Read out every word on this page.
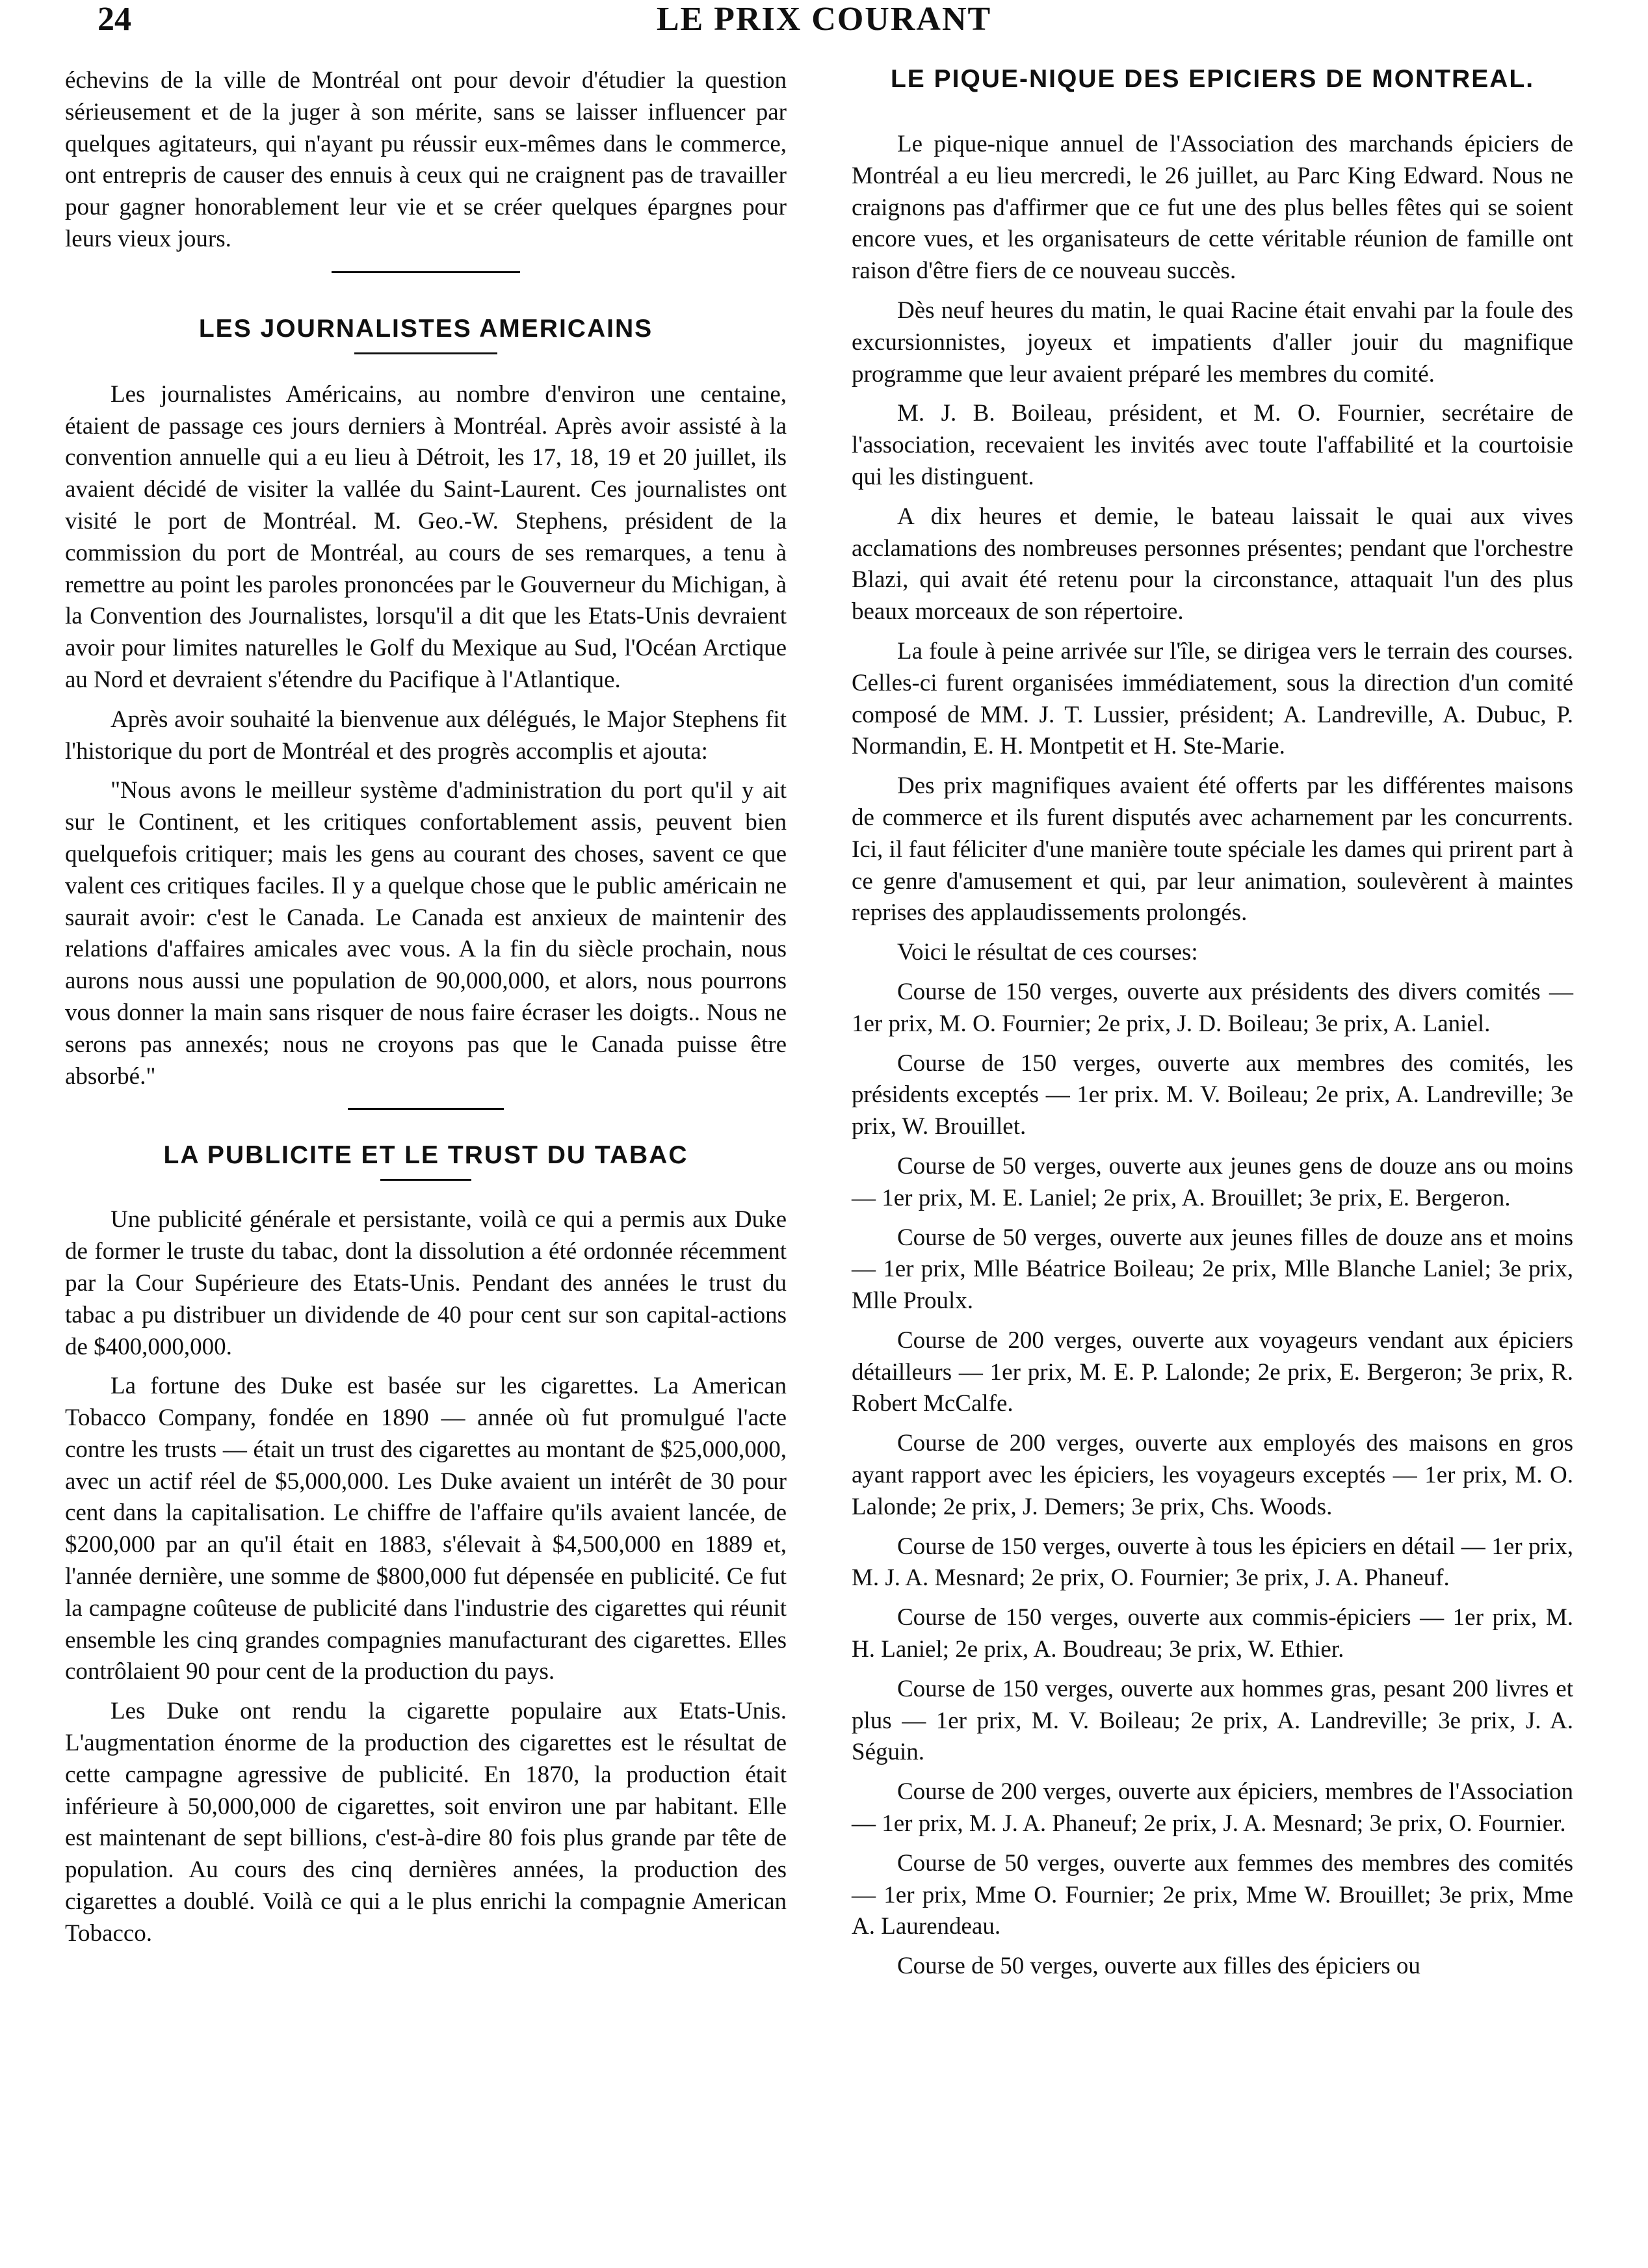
24	LE PRIX COURANT

échevins de la ville de Montréal ont pour devoir d'étudier la question sérieusement et de la juger à son mérite, sans se laisser influencer par quelques agitateurs, qui n'ayant pu réussir eux-mêmes dans le commerce, ont entrepris de causer des ennuis à ceux qui ne craignent pas de travailler pour gagner honorablement leur vie et se créer quelques épargnes pour leurs vieux jours.

LES JOURNALISTES AMERICAINS

Les journalistes Américains, au nombre d'environ une centaine, étaient de passage ces jours derniers à Montréal. Après avoir assisté à la convention annuelle qui a eu lieu à Détroit, les 17, 18, 19 et 20 juillet, ils avaient décidé de visiter la vallée du Saint-Laurent. Ces journalistes ont visité le port de Montréal. M. Geo.-W. Stephens, président de la commission du port de Montréal, au cours de ses remarques, a tenu à remettre au point les paroles prononcées par le Gouverneur du Michigan, à la Convention des Journalistes, lorsqu'il a dit que les Etats-Unis devraient avoir pour limites naturelles le Golf du Mexique au Sud, l'Océan Arctique au Nord et devraient s'étendre du Pacifique à l'Atlantique.

Après avoir souhaité la bienvenue aux délégués, le Major Stephens fit l'historique du port de Montréal et des progrès accomplis et ajouta:

"Nous avons le meilleur système d'administration du port qu'il y ait sur le Continent, et les critiques confortablement assis, peuvent bien quelquefois critiquer; mais les gens au courant des choses, savent ce que valent ces critiques faciles. Il y a quelque chose que le public américain ne saurait avoir: c'est le Canada. Le Canada est anxieux de maintenir des relations d'affaires amicales avec vous. A la fin du siècle prochain, nous aurons nous aussi une population de 90,000,000, et alors, nous pourrons vous donner la main sans risquer de nous faire écraser les doigts.. Nous ne serons pas annexés; nous ne croyons pas que le Canada puisse être absorbé."

LA PUBLICITE ET LE TRUST DU TABAC

Une publicité générale et persistante, voilà ce qui a permis aux Duke de former le truste du tabac, dont la dissolution a été ordonnée récemment par la Cour Supérieure des Etats-Unis. Pendant des années le trust du tabac a pu distribuer un dividende de 40 pour cent sur son capital-actions de $400,000,000.

La fortune des Duke est basée sur les cigarettes. La American Tobacco Company, fondée en 1890 — année où fut promulgué l'acte contre les trusts — était un trust des cigarettes au montant de $25,000,000, avec un actif réel de $5,000,000. Les Duke avaient un intérêt de 30 pour cent dans la capitalisation. Le chiffre de l'affaire qu'ils avaient lancée, de $200,000 par an qu'il était en 1883, s'élevait à $4,500,000 en 1889 et, l'année dernière, une somme de $800,000 fut dépensée en publicité. Ce fut la campagne coûteuse de publicité dans l'industrie des cigarettes qui réunit ensemble les cinq grandes compagnies manufacturant des cigarettes. Elles contrôlaient 90 pour cent de la production du pays.

Les Duke ont rendu la cigarette populaire aux Etats-Unis. L'augmentation énorme de la production des cigarettes est le résultat de cette campagne agressive de publicité. En 1870, la production était inférieure à 50,000,000 de cigarettes, soit environ une par habitant. Elle est maintenant de sept billions, c'est-à-dire 80 fois plus grande par tête de population. Au cours des cinq dernières années, la production des cigarettes a doublé. Voilà ce qui a le plus enrichi la compagnie American Tobacco.

LE PIQUE-NIQUE DES EPICIERS DE MONTREAL.

Le pique-nique annuel de l'Association des marchands épiciers de Montréal a eu lieu mercredi, le 26 juillet, au Parc King Edward. Nous ne craignons pas d'affirmer que ce fut une des plus belles fêtes qui se soient encore vues, et les organisateurs de cette véritable réunion de famille ont raison d'être fiers de ce nouveau succès.

Dès neuf heures du matin, le quai Racine était envahi par la foule des excursionnistes, joyeux et impatients d'aller jouir du magnifique programme que leur avaient préparé les membres du comité.

M. J. B. Boileau, président, et M. O. Fournier, secrétaire de l'association, recevaient les invités avec toute l'affabilité et la courtoisie qui les distinguent.

A dix heures et demie, le bateau laissait le quai aux vives acclamations des nombreuses personnes présentes; pendant que l'orchestre Blazi, qui avait été retenu pour la circonstance, attaquait l'un des plus beaux morceaux de son répertoire.

La foule à peine arrivée sur l'île, se dirigea vers le terrain des courses. Celles-ci furent organisées immédiatement, sous la direction d'un comité composé de MM. J. T. Lussier, président; A. Landreville, A. Dubuc, P. Normandin, E. H. Montpetit et H. Ste-Marie.

Des prix magnifiques avaient été offerts par les différentes maisons de commerce et ils furent disputés avec acharnement par les concurrents. Ici, il faut féliciter d'une manière toute spéciale les dames qui prirent part à ce genre d'amusement et qui, par leur animation, soulevèrent à maintes reprises des applaudissements prolongés.

Voici le résultat de ces courses:

Course de 150 verges, ouverte aux présidents des divers comités — 1er prix, M. O. Fournier; 2e prix, J. D. Boileau; 3e prix, A. Laniel.

Course de 150 verges, ouverte aux membres des comités, les présidents exceptés — 1er prix. M. V. Boileau; 2e prix, A. Landreville; 3e prix, W. Brouillet.

Course de 50 verges, ouverte aux jeunes gens de douze ans ou moins — 1er prix, M. E. Laniel; 2e prix, A. Brouillet; 3e prix, E. Bergeron.

Course de 50 verges, ouverte aux jeunes filles de douze ans et moins — 1er prix, Mlle Béatrice Boileau; 2e prix, Mlle Blanche Laniel; 3e prix, Mlle Proulx.

Course de 200 verges, ouverte aux voyageurs vendant aux épiciers détailleurs — 1er prix, M. E. P. Lalonde; 2e prix, E. Bergeron; 3e prix, R. Robert McCalfe.

Course de 200 verges, ouverte aux employés des maisons en gros ayant rapport avec les épiciers, les voyageurs exceptés — 1er prix, M. O. Lalonde; 2e prix, J. Demers; 3e prix, Chs. Woods.

Course de 150 verges, ouverte à tous les épiciers en détail — 1er prix, M. J. A. Mesnard; 2e prix, O. Fournier; 3e prix, J. A. Phaneuf.

Course de 150 verges, ouverte aux commis-épiciers — 1er prix, M. H. Laniel; 2e prix, A. Boudreau; 3e prix, W. Ethier.

Course de 150 verges, ouverte aux hommes gras, pesant 200 livres et plus — 1er prix, M. V. Boileau; 2e prix, A. Landreville; 3e prix, J. A. Séguin.

Course de 200 verges, ouverte aux épiciers, membres de l'Association — 1er prix, M. J. A. Phaneuf; 2e prix, J. A. Mesnard; 3e prix, O. Fournier.

Course de 50 verges, ouverte aux femmes des membres des comités — 1er prix, Mme O. Fournier; 2e prix, Mme W. Brouillet; 3e prix, Mme A. Laurendeau.

Course de 50 verges, ouverte aux filles des épiciers ou
